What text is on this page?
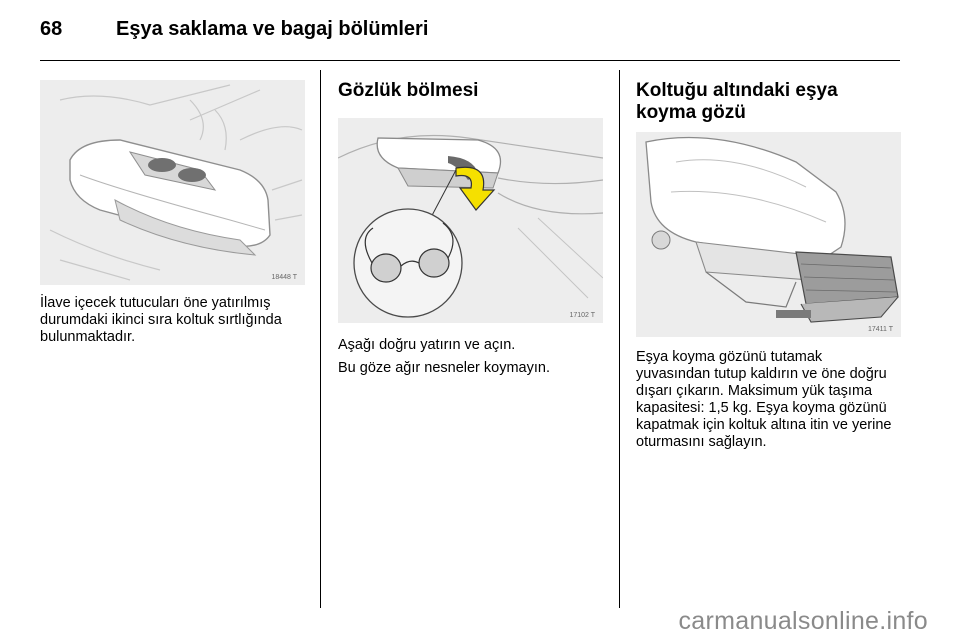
68	Eşya saklama ve bagaj bölümleri
18448 T

İlave içecek tutucuları öne yatırılmış durumdaki ikinci sıra koltuk sırtlığında bulunmaktadır.

Gözlük bölmesi
17102 T

Aşağı doğru yatırın ve açın.

Bu göze ağır nesneler koymayın.

Koltuğu altındaki eşya koyma gözü
17411 T

Eşya koyma gözünü tutamak yuvasından tutup kaldırın ve öne doğru dışarı çıkarın. Maksimum yük taşıma kapasitesi: 1,5 kg. Eşya koyma gözünü kapatmak için koltuk altına itin ve yerine oturmasını sağlayın.

carmanualsonline.info
